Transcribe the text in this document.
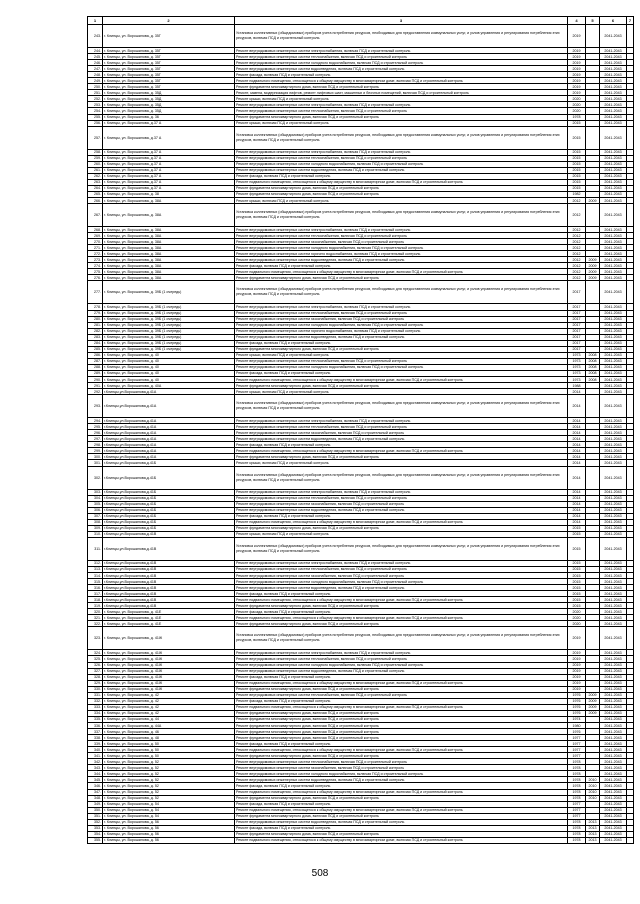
1	2	3	4	5	6	7
243.	г. Клинцы, ул. Ворошилова, д. 35Г	Установка коллективных (общедомовых) приборов учета потребления ресурсов, необходимых для предоставления коммунальных услуг, и узлов управления и регулирования потребления этих ресурсов, включая ПСД и строительный контроль	2019		2041-2043	
244.	г. Клинцы, ул. Ворошилова, д. 35Г	Ремонт внутридомовых инженерных систем электроснабжения, включая ПСД и строительный контроль	2019		2041-2043	
245.	г. Клинцы, ул. Ворошилова, д. 35Г	Ремонт внутридомовых инженерных систем теплоснабжения, включая ПСД и строительный контроль	2019		2041-2043	
246.	г. Клинцы, ул. Ворошилова, д. 35Г	Ремонт внутридомовых инженерных систем холодного водоснабжения, включая ПСД и строительный контроль	2019		2041-2043	
247.	г. Клинцы, ул. Ворошилова, д. 35Г	Ремонт внутридомовых инженерных систем водоотведения, включая ПСД и строительный контроль	2019		2041-2043	
248.	г. Клинцы, ул. Ворошилова, д. 35Г	Ремонт фасада, включая ПСД и строительный контроль	2019		2041-2043	
249.	г. Клинцы, ул. Ворошилова, д. 35Г	Ремонт подвального помещения, относящегося к общему имуществу в многоквартирном доме, включая ПСД и строительный контроль	2019		2041-2043	
250.	г. Клинцы, ул. Ворошилова, д. 35Г	Ремонт фундамента многоквартирного дома, включая ПСД и строительный контроль	2019		2041-2043	
251.	г. Клинцы, ул. Ворошилова, д. 35Д	Ремонт, замена, модернизация лифтов, ремонт лифтовых шахт, машинных и блочных помещений, включая ПСД и строительный контроль	2019		2041-2043	
252.	г. Клинцы, ул. Ворошилова, д. 35Д	Ремонт крыши, включая ПСД и строительный контроль	2020		2041-2043	
253.	г. Клинцы, ул. Ворошилова, д. 35Д	Ремонт внутридомовых инженерных систем электроснабжения, включая ПСД и строительный контроль	2020		2041-2043	
254.	г. Клинцы, ул. Ворошилова, д. 35Д	Ремонт внутридомовых инженерных систем теплоснабжения, включая ПСД и строительный контроль	2020		2041-2043	
255.	г. Клинцы, ул. Ворошилова, д. 36	Ремонт фундамента многоквартирного дома, включая ПСД и строительный контроль	1978		2041-2043	
256.	г. Клинцы, ул. Ворошилова, д.37 А	Ремонт крыши, включая ПСД и строительный контроль	2015		2041-2043	
257.	г. Клинцы, ул. Ворошилова, д.37 А	Установка коллективных (общедомовых) приборов учета потребления ресурсов, необходимых для предоставления коммунальных услуг, и узлов управления и регулирования потребления этих ресурсов, включая ПСД и строительный контроль	2015		2041-2043	
258.	г. Клинцы, ул. Ворошилова, д.37 А	Ремонт внутридомовых инженерных систем электроснабжения, включая ПСД и строительный контроль	2015		2041-2043	
259.	г. Клинцы, ул. Ворошилова, д.37 А	Ремонт внутридомовых инженерных систем теплоснабжения, включая ПСД и строительный контроль	2015		2041-2043	
260.	г. Клинцы, ул. Ворошилова, д.37 А	Ремонт внутридомовых инженерных систем холодного водоснабжения, включая ПСД и строительный контроль	2015		2041-2043	
261.	г. Клинцы, ул. Ворошилова, д.37 А	Ремонт внутридомовых инженерных систем водоотведения, включая ПСД и строительный контроль	2015		2041-2043	
262.	г. Клинцы, ул. Ворошилова, д.37 А	Ремонт фасада, включая ПСД и строительный контроль	2015		2041-2043	
263.	г. Клинцы, ул. Ворошилова, д.37 А	Ремонт подвального помещения, относящегося к общему имуществу в многоквартирном доме, включая ПСД и строительный контроль	2015		2041-2043	
264.	г. Клинцы, ул. Ворошилова, д.37 А	Ремонт фундамента многоквартирного дома, включая ПСД и строительный контроль	2015		2041-2043	
265.	г. Клинцы, ул. Ворошилова, д. 38	Ремонт фундамента многоквартирного дома, включая ПСД и строительный контроль	1982		2041-2043	
266.	г. Клинцы, ул. Ворошилова, д. 38А	Ремонт крыши, включая ПСД и строительный контроль	2012	2009	2041-2043	
267.	г. Клинцы, ул. Ворошилова, д. 38А	Установка коллективных (общедомовых) приборов учета потребления ресурсов, необходимых для предоставления коммунальных услуг, и узлов управления и регулирования потребления этих ресурсов, включая ПСД и строительный контроль	2012		2041-2043	
268.	г. Клинцы, ул. Ворошилова, д. 38А	Ремонт внутридомовых инженерных систем электроснабжения, включая ПСД и строительный контроль	2012		2041-2043	
269.	г. Клинцы, ул. Ворошилова, д. 38А	Ремонт внутридомовых инженерных систем теплоснабжения, включая ПСД и строительный контроль	2012		2041-2043	
270.	г. Клинцы, ул. Ворошилова, д. 38А	Ремонт внутридомовых инженерных систем газоснабжения, включая ПСД и строительный контроль	2012		2041-2043	
271.	г. Клинцы, ул. Ворошилова, д. 38А	Ремонт внутридомовых инженерных систем холодного водоснабжения, включая ПСД и строительный контроль	2012		2041-2043	
272.	г. Клинцы, ул. Ворошилова, д. 38А	Ремонт внутридомовых инженерных систем горячего водоснабжения, включая ПСД и строительный контроль	2012		2041-2043	
273.	г. Клинцы, ул. Ворошилова, д. 38А	Ремонт внутридомовых инженерных систем водоотведения, включая ПСД и строительный контроль	2012	2009	2041-2043	
274.	г. Клинцы, ул. Ворошилова, д. 38А	Ремонт фасада, включая ПСД и строительный контроль	2012	2009	2041-2043	
275.	г. Клинцы, ул. Ворошилова, д. 38А	Ремонт подвального помещения, относящегося к общему имуществу в многоквартирном доме, включая ПСД и строительный контроль	2012	2009	2041-2043	
276.	г. Клинцы, ул. Ворошилова, д. 38А	Ремонт фундамента многоквартирного дома, включая ПСД и строительный контроль	2012	2009	2041-2043	
277.	г. Клинцы, ул. Ворошилова, д. 39Б (1 очередь)	Установка коллективных (общедомовых) приборов учета потребления ресурсов, необходимых для предоставления коммунальных услуг, и узлов управления и регулирования потребления этих ресурсов, включая ПСД и строительный контроль	2017		2041-2043	
278.	г. Клинцы, ул. Ворошилова, д. 39Б (1 очередь)	Ремонт внутридомовых инженерных систем электроснабжения, включая ПСД и строительный контроль	2017		2041-2043	
279.	г. Клинцы, ул. Ворошилова, д. 39Б (1 очередь)	Ремонт внутридомовых инженерных систем теплоснабжения, включая ПСД и строительный контроль	2017		2041-2043	
280.	г. Клинцы, ул. Ворошилова, д. 39Б (1 очередь)	Ремонт внутридомовых инженерных систем газоснабжения, включая ПСД и строительный контроль	2017		2041-2043	
281.	г. Клинцы, ул. Ворошилова, д. 39Б (1 очередь)	Ремонт внутридомовых инженерных систем холодного водоснабжения, включая ПСД и строительный контроль	2017		2041-2043	
282.	г. Клинцы, ул. Ворошилова, д. 39Б (1 очередь)	Ремонт внутридомовых инженерных систем горячего водоснабжения, включая ПСД и строительный контроль	2017		2041-2043	
283.	г. Клинцы, ул. Ворошилова, д. 39Б (1 очередь)	Ремонт внутридомовых инженерных систем водоотведения, включая ПСД и строительный контроль	2017		2041-2043	
284.	г. Клинцы, ул. Ворошилова, д. 39Б (1 очередь)	Ремонт фасада, включая ПСД и строительный контроль	2017		2041-2043	
285.	г. Клинцы, ул. Ворошилова, д. 39Б (1 очередь)	Ремонт фундамента многоквартирного дома, включая ПСД и строительный контроль	2017		2041-2043	
286.	г. Клинцы, ул. Ворошилова, д. 40	Ремонт крыши, включая ПСД и строительный контроль	1973	2008	2041-2043	
287.	г. Клинцы, ул. Ворошилова, д. 40	Ремонт внутридомовых инженерных систем теплоснабжения, включая ПСД и строительный контроль	1973	2008	2041-2043	
288.	г. Клинцы, ул. Ворошилова, д. 40	Ремонт внутридомовых инженерных систем холодного водоснабжения, включая ПСД и строительный контроль	1973	2008	2041-2043	
289.	г. Клинцы, ул. Ворошилова, д. 40	Ремонт фасада, включая ПСД и строительный контроль	1973	2008	2041-2043	
290.	г. Клинцы, ул. Ворошилова, д. 40	Ремонт подвального помещения, относящегося к общему имуществу в многоквартирном доме, включая ПСД и строительный контроль	1973	2008	2041-2043	
291.	г. Клинцы, ул. Ворошилова, д. 40А	Ремонт фундамента многоквартирного дома, включая ПСД и строительный контроль	1988		2041-2043	
292.	г.Клинцы,ул.Ворошилова,д.41А	Ремонт крыши, включая ПСД и строительный контроль	2014		2041-2043	
293.	г.Клинцы,ул.Ворошилова,д.41А	Установка коллективных (общедомовых) приборов учета потребления ресурсов, необходимых для предоставления коммунальных услуг, и узлов управления и регулирования потребления этих ресурсов, включая ПСД и строительный контроль	2014		2041-2043	
294.	г.Клинцы,ул.Ворошилова,д.41А	Ремонт внутридомовых инженерных систем электроснабжения, включая ПСД и строительный контроль	2014		2041-2043	
295.	г.Клинцы,ул.Ворошилова,д.41А	Ремонт внутридомовых инженерных систем теплоснабжения, включая ПСД и строительный контроль	2014		2041-2043	
296.	г.Клинцы,ул.Ворошилова,д.41А	Ремонт внутридомовых инженерных систем газоснабжения, включая ПСД и строительный контроль	2014		2041-2043	
297.	г.Клинцы,ул.Ворошилова,д.41А	Ремонт внутридомовых инженерных систем водоотведения, включая ПСД и строительный контроль	2014		2041-2043	
298.	г.Клинцы,ул.Ворошилова,д.41А	Ремонт фасада, включая ПСД и строительный контроль	2014		2041-2043	
299.	г.Клинцы,ул.Ворошилова,д.41А	Ремонт подвального помещения, относящегося к общему имуществу в многоквартирном доме, включая ПСД и строительный контроль	2014		2041-2043	
300.	г.Клинцы,ул.Ворошилова,д.41А	Ремонт фундамента многоквартирного дома, включая ПСД и строительный контроль	2014		2041-2043	
301.	г.Клинцы,ул.Ворошилова,д.41Б	Ремонт крыши, включая ПСД и строительный контроль	2014		2041-2043	
302.	г.Клинцы,ул.Ворошилова,д.41Б	Установка коллективных (общедомовых) приборов учета потребления ресурсов, необходимых для предоставления коммунальных услуг, и узлов управления и регулирования потребления этих ресурсов, включая ПСД и строительный контроль	2014		2041-2043	
303.	г.Клинцы,ул.Ворошилова,д.41Б	Ремонт внутридомовых инженерных систем электроснабжения, включая ПСД и строительный контроль	2014		2041-2043	
304.	г.Клинцы,ул.Ворошилова,д.41Б	Ремонт внутридомовых инженерных систем теплоснабжения, включая ПСД и строительный контроль	2014		2041-2043	
305.	г.Клинцы,ул.Ворошилова,д.41Б	Ремонт внутридомовых инженерных систем газоснабжения, включая ПСД и строительный контроль	2014		2041-2043	
306.	г.Клинцы,ул.Ворошилова,д.41Б	Ремонт внутридомовых инженерных систем водоотведения, включая ПСД и строительный контроль	2014		2041-2043	
307.	г.Клинцы,ул.Ворошилова,д.41Б	Ремонт фасада, включая ПСД и строительный контроль	2014		2041-2043	
308.	г.Клинцы,ул.Ворошилова,д.41Б	Ремонт подвального помещения, относящегося к общему имуществу в многоквартирном доме, включая ПСД и строительный контроль	2014		2041-2043	
309.	г.Клинцы,ул.Ворошилова,д.41Б	Ремонт фундамента многоквартирного дома, включая ПСД и строительный контроль	2015		2041-2043	
310.	г.Клинцы,ул.Ворошилова,д.41В	Ремонт крыши, включая ПСД и строительный контроль	2015		2041-2043	
311.	г.Клинцы,ул.Ворошилова,д.41В	Установка коллективных (общедомовых) приборов учета потребления ресурсов, необходимых для предоставления коммунальных услуг, и узлов управления и регулирования потребления этих ресурсов, включая ПСД и строительный контроль	2015		2041-2043	
312.	г.Клинцы,ул.Ворошилова,д.41В	Ремонт внутридомовых инженерных систем электроснабжения, включая ПСД и строительный контроль	2015		2041-2043	
313.	г.Клинцы,ул.Ворошилова,д.41В	Ремонт внутридомовых инженерных систем теплоснабжения, включая ПСД и строительный контроль	2015		2041-2043	
314.	г.Клинцы,ул.Ворошилова,д.41В	Ремонт внутридомовых инженерных систем газоснабжения, включая ПСД и строительный контроль	2015		2041-2043	
315.	г.Клинцы,ул.Ворошилова,д.41В	Ремонт внутридомовых инженерных систем холодного водоснабжения, включая ПСД и строительный контроль	2015		2041-2043	
316.	г.Клинцы,ул.Ворошилова,д.41В	Ремонт внутридомовых инженерных систем водоотведения, включая ПСД и строительный контроль	2015		2041-2043	
317.	г.Клинцы,ул.Ворошилова,д.41В	Ремонт фасада, включая ПСД и строительный контроль	2015		2041-2043	
318.	г.Клинцы,ул.Ворошилова,д.41В	Ремонт подвального помещения, относящегося к общему имуществу в многоквартирном доме, включая ПСД и строительный контроль	2015		2041-2043	
319.	г.Клинцы,ул.Ворошилова,д.41В	Ремонт фундамента многоквартирного дома, включая ПСД и строительный контроль	2015		2041-2043	
320.	г. Клинцы, ул. Ворошилова, д. 41Е	Ремонт фасада, включая ПСД и строительный контроль	2020		2041-2043	
321.	г. Клинцы, ул. Ворошилова, д. 41Е	Ремонт подвального помещения, относящегося к общему имуществу в многоквартирном доме, включая ПСД и строительный контроль	2020		2041-2043	
322.	г. Клинцы, ул. Ворошилова, д. 41Е	Ремонт фундамента многоквартирного дома, включая ПСД и строительный контроль	2020		2041-2043	
323.	г. Клинцы, ул. Ворошилова, д. 41Ж	Установка коллективных (общедомовых) приборов учета потребления ресурсов, необходимых для предоставления коммунальных услуг, и узлов управления и регулирования потребления этих ресурсов, включая ПСД и строительный контроль	2019		2041-2043	
324.	г. Клинцы, ул. Ворошилова, д. 41Ж	Ремонт внутридомовых инженерных систем электроснабжения, включая ПСД и строительный контроль	2019		2041-2043	
325.	г. Клинцы, ул. Ворошилова, д. 41Ж	Ремонт внутридомовых инженерных систем теплоснабжения, включая ПСД и строительный контроль	2019		2041-2043	
326.	г. Клинцы, ул. Ворошилова, д. 41Ж	Ремонт внутридомовых инженерных систем холодного водоснабжения, включая ПСД и строительный контроль	2019		2041-2043	
327.	г. Клинцы, ул. Ворошилова, д. 41Ж	Ремонт внутридомовых инженерных систем водоотведения, включая ПСД и строительный контроль	2019		2041-2043	
328.	г. Клинцы, ул. Ворошилова, д. 41Ж	Ремонт фасада, включая ПСД и строительный контроль	2019		2041-2043	
329.	г. Клинцы, ул. Ворошилова, д. 41Ж	Ремонт подвального помещения, относящегося к общему имуществу в многоквартирном доме, включая ПСД и строительный контроль	2019		2041-2043	
330.	г. Клинцы, ул. Ворошилова, д. 41Ж	Ремонт фундамента многоквартирного дома, включая ПСД и строительный контроль	2019		2041-2043	
331.	г. Клинцы, ул. Ворошилова, д. 42	Ремонт внутридомовых инженерных систем теплоснабжения, включая ПСД и строительный контроль	1976	2009	2041-2043	
332.	г. Клинцы, ул. Ворошилова, д. 42	Ремонт фасада, включая ПСД и строительный контроль	1976	2009	2041-2043	
333.	г. Клинцы, ул. Ворошилова, д. 42	Ремонт подвального помещения, относящегося к общему имуществу в многоквартирном доме, включая ПСД и строительный контроль	1976	2009	2041-2043	
334.	г. Клинцы, ул. Ворошилова, д. 42	Ремонт фундамента многоквартирного дома, включая ПСД и строительный контроль	1976	2009	2041-2043	
335.	г. Клинцы, ул. Ворошилова, д. 44	Ремонт фундамента многоквартирного дома, включая ПСД и строительный контроль	1974		2041-2043	
336.	г. Клинцы, ул. Ворошилова, д. 44А	Ремонт фундамента многоквартирного дома, включая ПСД и строительный контроль	1980		2041-2043	
337.	г. Клинцы, ул. Ворошилова, д. 46	Ремонт фундамента многоквартирного дома, включая ПСД и строительный контроль	1976		2041-2043	
338.	г. Клинцы, ул. Ворошилова, д. 48	Ремонт фундамента многоквартирного дома, включая ПСД и строительный контроль	1977		2041-2043	
339.	г. Клинцы, ул. Ворошилова, д. 50	Ремонт фасада, включая ПСД и строительный контроль	1977		2041-2043	
340.	г. Клинцы, ул. Ворошилова, д. 50	Ремонт подвального помещения, относящегося к общему имуществу в многоквартирном доме, включая ПСД и строительный контроль	1977		2041-2043	
341.	г. Клинцы, ул. Ворошилова, д. 50	Ремонт фундамента многоквартирного дома, включая ПСД и строительный контроль	1977		2041-2043	
342.	г. Клинцы, ул. Ворошилова, д. 52	Ремонт внутридомовых инженерных систем теплоснабжения, включая ПСД и строительный контроль	1978		2041-2043	
343.	г. Клинцы, ул. Ворошилова, д. 52	Ремонт внутридомовых инженерных систем газоснабжения, включая ПСД и строительный контроль	1978		2041-2043	
344.	г. Клинцы, ул. Ворошилова, д. 52	Ремонт внутридомовых инженерных систем холодного водоснабжения, включая ПСД и строительный контроль	1978		2041-2043	
345.	г. Клинцы, ул. Ворошилова, д. 52	Ремонт внутридомовых инженерных систем водоотведения, включая ПСД и строительный контроль	1978	2010	2041-2043	
346.	г. Клинцы, ул. Ворошилова, д. 52	Ремонт фасада, включая ПСД и строительный контроль	1978	2010	2041-2043	
347.	г. Клинцы, ул. Ворошилова, д. 52	Ремонт подвального помещения, относящегося к общему имуществу в многоквартирном доме, включая ПСД и строительный контроль	1978	2010	2041-2043	
348.	г. Клинцы, ул. Ворошилова, д. 52	Ремонт фундамента многоквартирного дома, включая ПСД и строительный контроль	1978	2010	2041-2043	
349.	г. Клинцы, ул. Ворошилова, д. 54	Ремонт фасада, включая ПСД и строительный контроль	1977		2041-2043	
350.	г. Клинцы, ул. Ворошилова, д. 54	Ремонт подвального помещения, относящегося к общему имуществу в многоквартирном доме, включая ПСД и строительный контроль	1977		2041-2043	
351.	г. Клинцы, ул. Ворошилова, д. 54	Ремонт фундамента многоквартирного дома, включая ПСД и строительный контроль	1977		2041-2043	
352.	г. Клинцы, ул. Ворошилова, д. 56	Ремонт внутридомовых инженерных систем водоотведения, включая ПСД и строительный контроль	1978	2013	2041-2043	
353.	г. Клинцы, ул. Ворошилова, д. 56	Ремонт фасада, включая ПСД и строительный контроль	1978	2013	2041-2043	
354.	г. Клинцы, ул. Ворошилова, д. 56	Ремонт фундамента многоквартирного дома, включая ПСД и строительный контроль	1978	2013	2041-2043	
355.	г. Клинцы, ул. Ворошилова, д. 56	Ремонт подвального помещения, относящегося к общему имуществу в многоквартирном доме, включая ПСД и строительный контроль	1978	2013	2041-2043	
508
